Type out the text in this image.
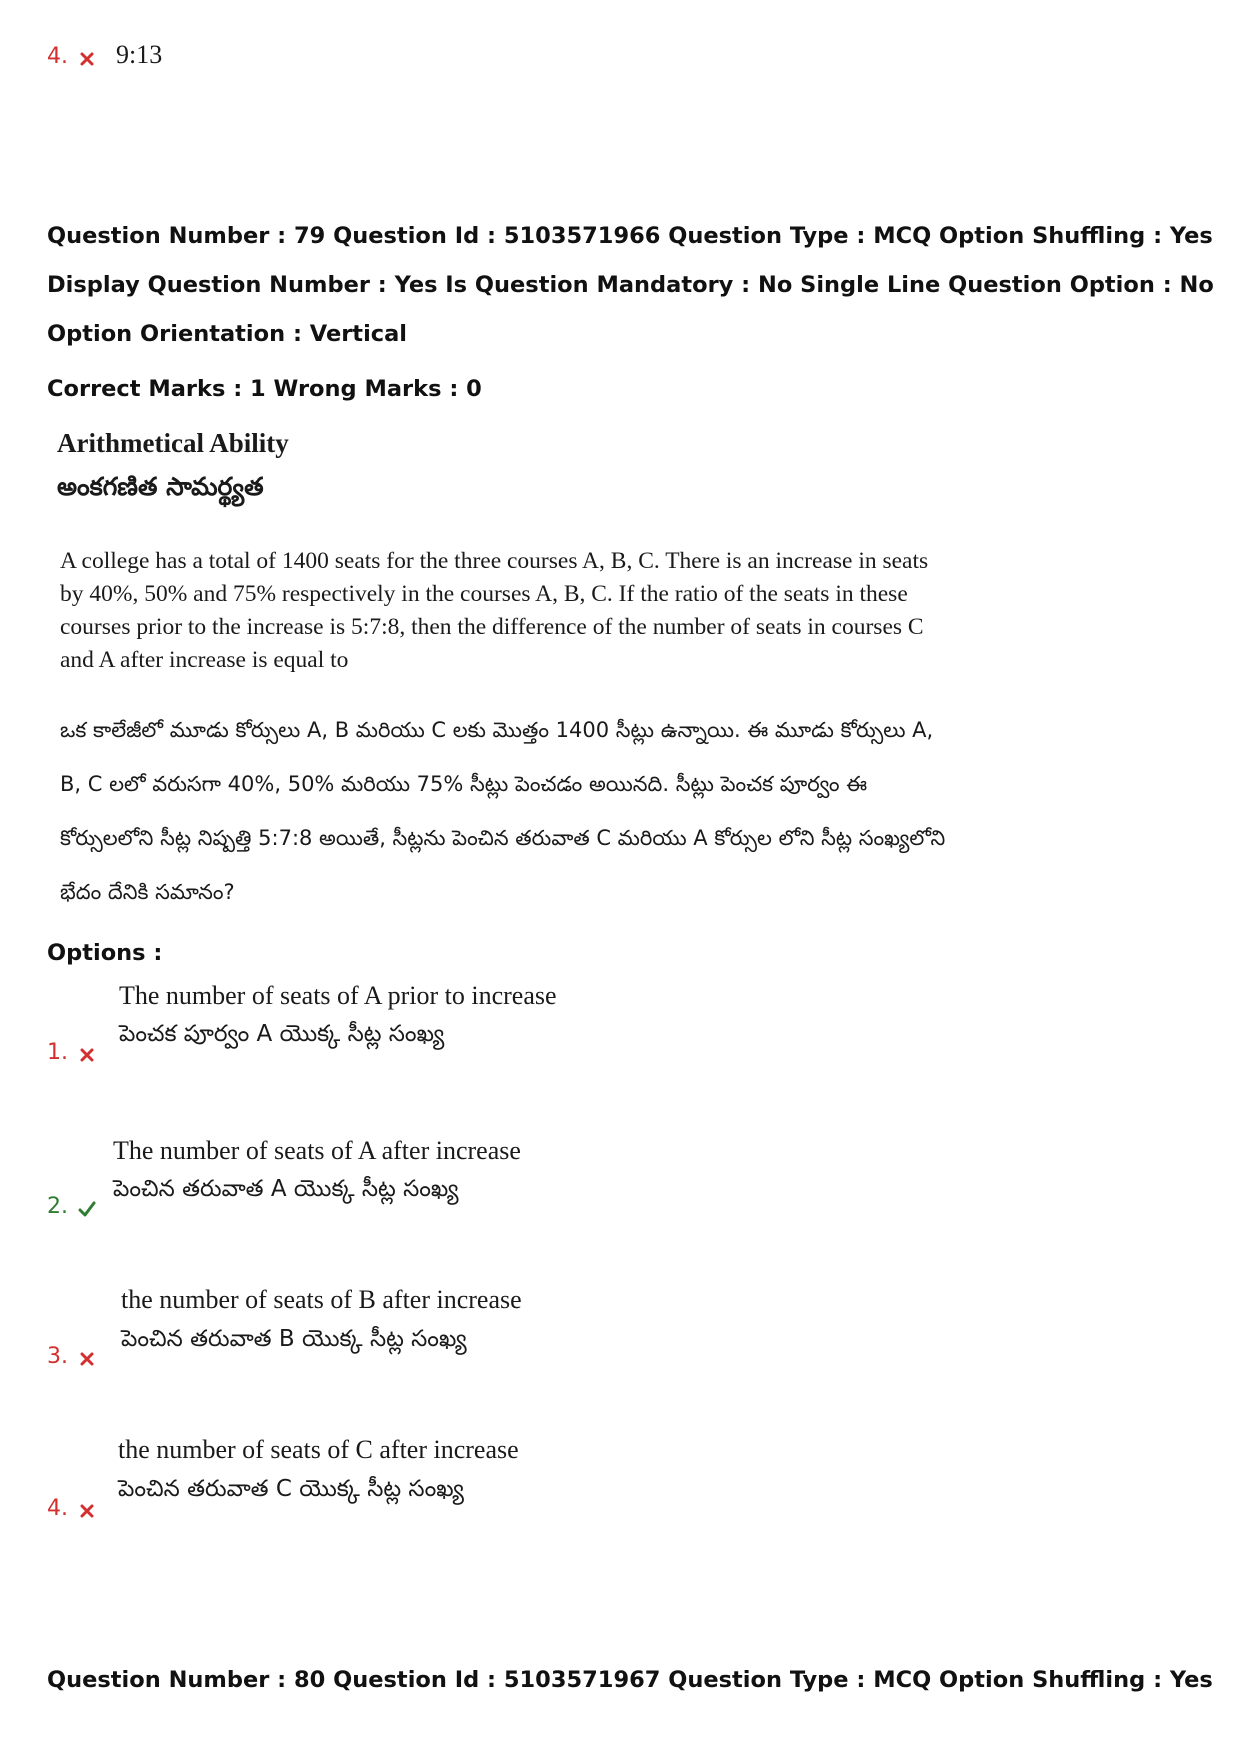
4.	9:13
Question Number : 79 Question Id : 5103571966 Question Type : MCQ Option Shuffling : Yes
Display Question Number : Yes Is Question Mandatory : No Single Line Question Option : No
Option Orientation : Vertical
Correct Marks : 1 Wrong Marks : 0
Arithmetical Ability
అంకగణిత సామర్థ్యత
A college has a total of 1400 seats for the three courses A, B, C. There is an increase in seats by 40%, 50% and 75% respectively in the courses A, B, C. If the ratio of the seats in these courses prior to the increase is 5:7:8, then the difference of the number of seats in courses C and A after increase is equal to
ఒక కాలేజీలో మూడు కోర్సులు A, B మరియు C లకు మొత్తం 1400 సీట్లు ఉన్నాయి. ఈ మూడు కోర్సులు A, B, C లలో వరుసగా 40%, 50% మరియు 75% సీట్లు పెంచడం అయినది. సీట్లు పెంచక పూర్వం ఈ కోర్సులలోని సీట్ల నిష్పత్తి 5:7:8 అయితే, సీట్లను పెంచిన తరువాత C మరియు A కోర్సుల లోని సీట్ల సంఖ్యలోని భేదం దేనికి సమానం?
Options :
1.
The number of seats of A prior to increase
పెంచక పూర్వం A యొక్క సీట్ల సంఖ్య
2.
The number of seats of A after increase
పెంచిన తరువాత A యొక్క సీట్ల సంఖ్య
3.
the number of seats of B after increase
పెంచిన తరువాత B యొక్క సీట్ల సంఖ్య
4.
the number of seats of C after increase
పెంచిన తరువాత C యొక్క సీట్ల సంఖ్య
Question Number : 80 Question Id : 5103571967 Question Type : MCQ Option Shuffling : Yes
